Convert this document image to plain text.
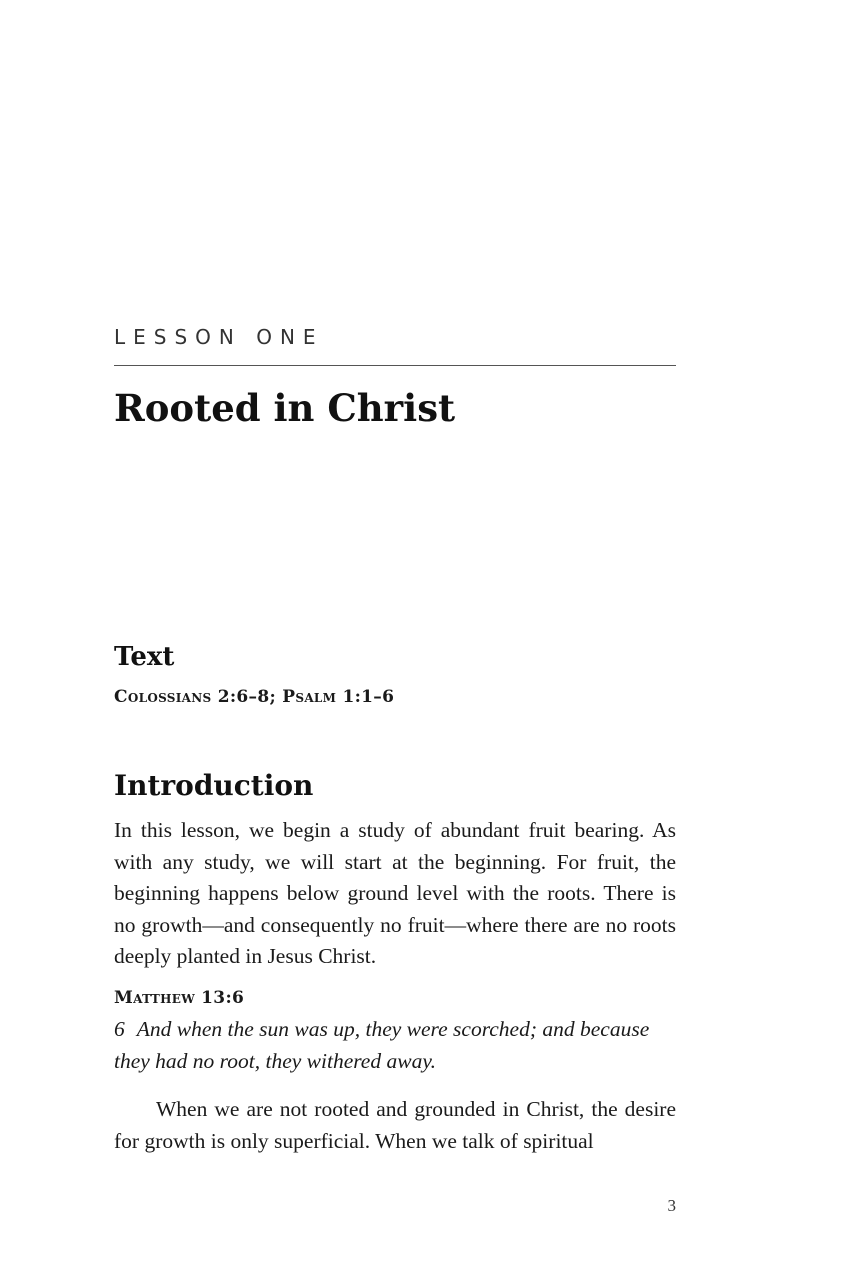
LESSON ONE
Rooted in Christ
Text

Colossians 2:6–8; Psalm 1:1–6

Introduction

In this lesson, we begin a study of abundant fruit bearing. As with any study, we will start at the beginning. For fruit, the beginning happens below ground level with the roots. There is no growth—and consequently no fruit—where there are no roots deeply planted in Jesus Christ.

Matthew 13:6

6 And when the sun was up, they were scorched; and because they had no root, they withered away.

When we are not rooted and grounded in Christ, the desire for growth is only superficial. When we talk of spiritual

3
